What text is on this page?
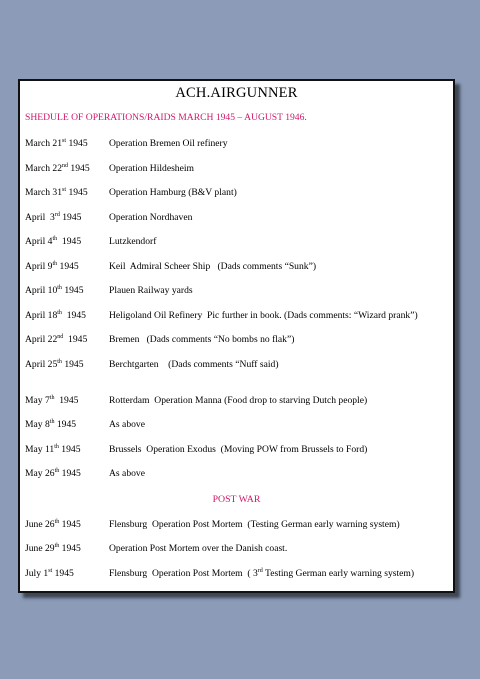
ACH.AIRGUNNER
SHEDULE OF OPERATIONS/RAIDS MARCH 1945 – AUGUST 1946.
March 21st 1945 Operation Bremen Oil refinery
March 22nd 1945 Operation Hildesheim
March 31st 1945 Operation Hamburg (B&V plant)
April  3rd 1945	Operation Nordhaven
April 4th  1945	Lutzkendorf
April 9th 1945	Keil  Admiral Scheer Ship   (Dads comments “Sunk”)
April 10th 1945	Plauen Railway yards
April 18th  1945 Heligoland Oil Refinery  Pic further in book. (Dads comments: “Wizard prank”)
April 22nd  1945 Bremen   (Dads comments “No bombs no flak”)
April 25th 1945	Berchtgarten    (Dads comments “Nuff said)
May 7th  1945	Rotterdam  Operation Manna (Food drop to starving Dutch people)
May 8th 1945	As above
May 11th 1945	Brussels  Operation Exodus  (Moving POW from Brussels to Ford)
May 26th 1945	As above
POST WAR
June 26th 1945	Flensburg  Operation Post Mortem  (Testing German early warning system)
June 29th 1945	Operation Post Mortem over the Danish coast.
July 1st 1945	Flensburg  Operation Post Mortem  ( 3rd Testing German early warning system)
